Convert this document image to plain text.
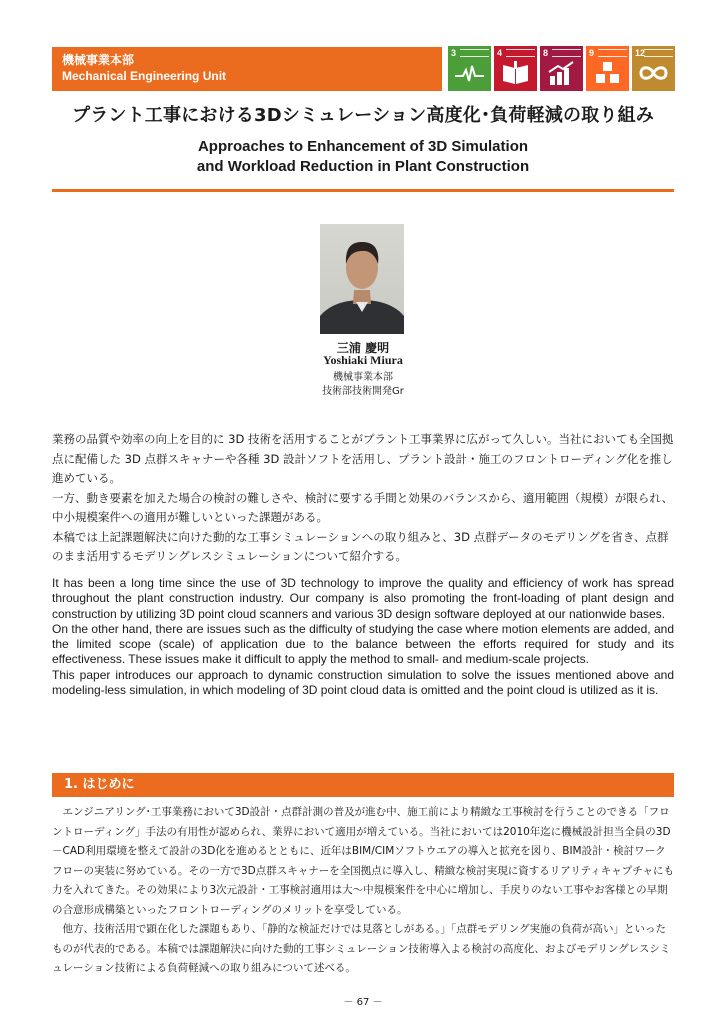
機械事業本部
Mechanical Engineering Unit
3	4	8	9	12
プラント工事における3Dシミュレーション高度化･負荷軽減の取り組み
Approaches to Enhancement of 3D Simulation
and Workload Reduction in Plant Construction
三浦 慶明
Yoshiaki Miura
機械事業本部
技術部技術開発Gr

業務の品質や効率の向上を目的に 3D 技術を活用することがプラント工事業界に広がって久しい。当社においても全国拠点に配備した 3D 点群スキャナーや各種 3D 設計ソフトを活用し、プラント設計・施工のフロントローディング化を推し進めている。

一方、動き要素を加えた場合の検討の難しさや、検討に要する手間と効果のバランスから、適用範囲（規模）が限られ、中小規模案件への適用が難しいといった課題がある。

本稿では上記課題解決に向けた動的な工事シミュレーションへの取り組みと、3D 点群データのモデリングを省き、点群のまま活用するモデリングレスシミュレーションについて紹介する。

It has been a long time since the use of 3D technology to improve the quality and efficiency of work has spread throughout the plant construction industry. Our company is also promoting the front-loading of plant design and construction by utilizing 3D point cloud scanners and various 3D design software deployed at our nationwide bases.

On the other hand, there are issues such as the difficulty of studying the case where motion elements are added, and the limited scope (scale) of application due to the balance between the efforts required for study and its effectiveness. These issues make it difficult to apply the method to small- and medium-scale projects.

This paper introduces our approach to dynamic construction simulation to solve the issues mentioned above and modeling-less simulation, in which modeling of 3D point cloud data is omitted and the point cloud is utilized as it is.

1. はじめに

エンジニアリング･工事業務において3D設計・点群計測の普及が進む中、施工前により精緻な工事検討を行うことのできる「フロントローディング」手法の有用性が認められ、業界において適用が増えている。当社においては2010年迄に機械設計担当全員の3D－CAD利用環境を整えて設計の3D化を進めるとともに、近年はBIM/CIMソフトウエアの導入と拡充を図り、BIM設計・検討ワークフローの実装に努めている。その一方で3D点群スキャナーを全国拠点に導入し、精緻な検討実現に資するリアリティキャプチャにも力を入れてきた。その効果により3次元設計・工事検討適用は大～中規模案件を中心に増加し、手戻りのない工事やお客様との早期の合意形成構築といったフロントローディングのメリットを享受している。

他方、技術活用で顕在化した課題もあり、「静的な検証だけでは見落としがある。」「点群モデリング実施の負荷が高い」といったものが代表的である。本稿では課題解決に向けた動的工事シミュレーション技術導入よる検討の高度化、およびモデリングレスシミュレーション技術による負荷軽減への取り組みについて述べる。

－ 67 －
